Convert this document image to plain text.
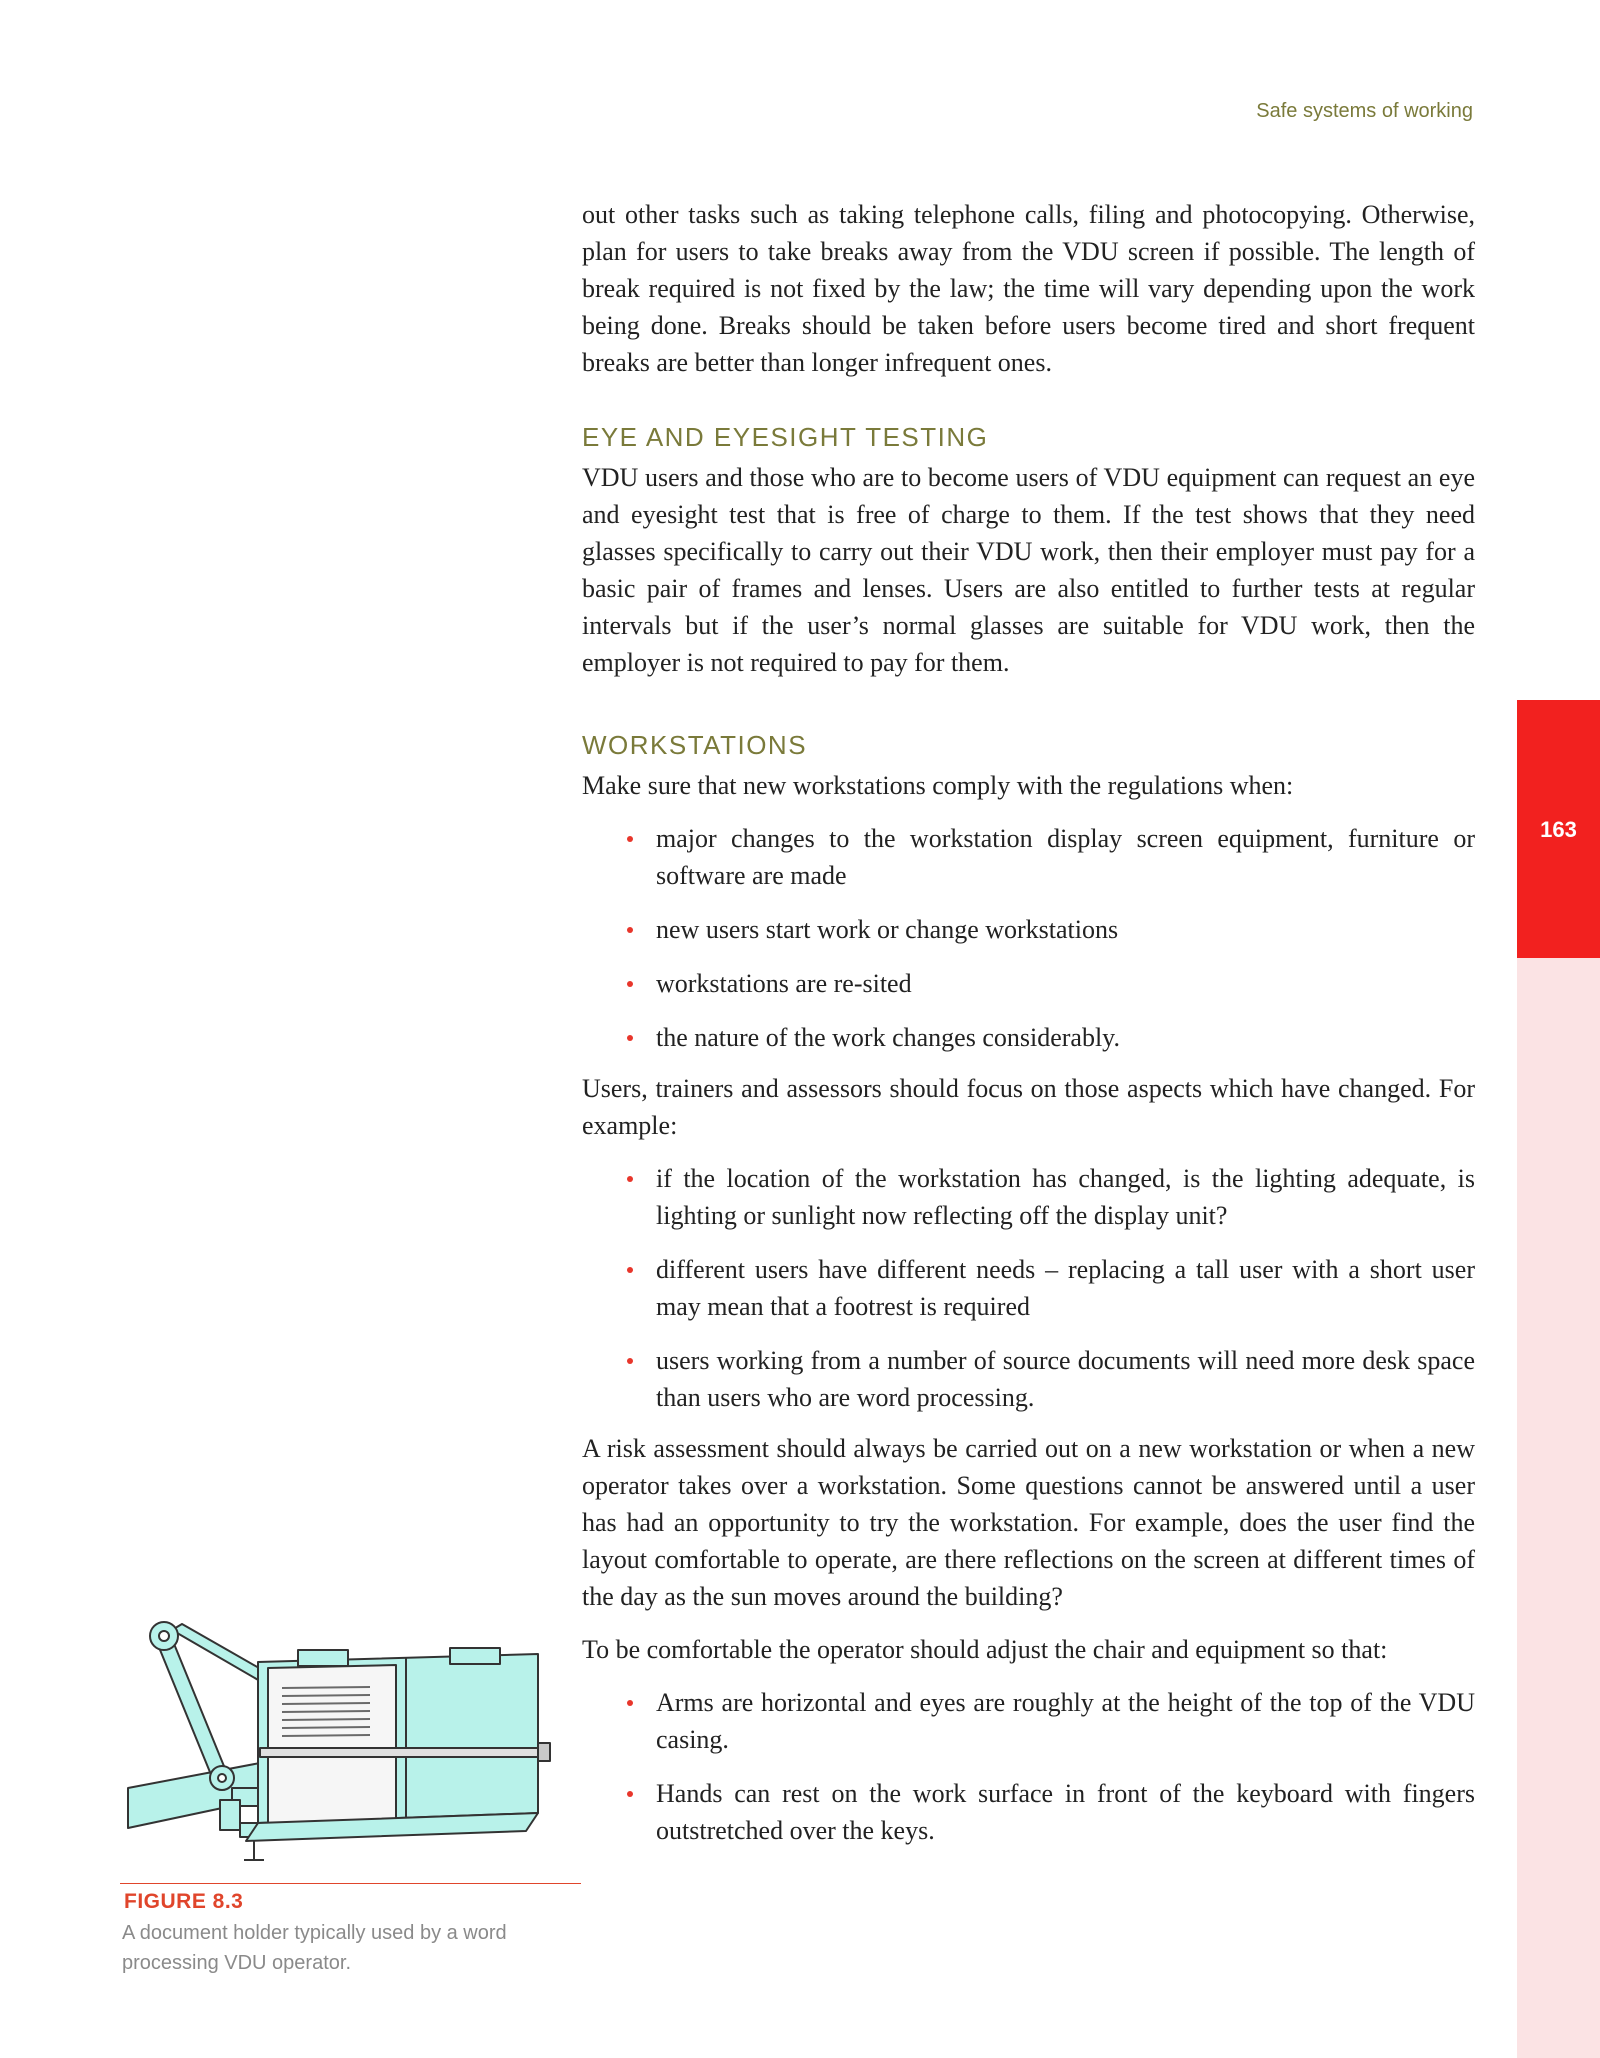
Safe systems of working
163

out other tasks such as taking telephone calls, filing and photocopying. Otherwise, plan for users to take breaks away from the VDU screen if possible. The length of break required is not fixed by the law; the time will vary depending upon the work being done. Breaks should be taken before users become tired and short frequent breaks are better than longer infrequent ones.

EYE AND EYESIGHT TESTING

VDU users and those who are to become users of VDU equipment can request an eye and eyesight test that is free of charge to them. If the test shows that they need glasses specifically to carry out their VDU work, then their employer must pay for a basic pair of frames and lenses. Users are also entitled to further tests at regular intervals but if the user’s normal glasses are suitable for VDU work, then the employer is not required to pay for them.

WORKSTATIONS

Make sure that new workstations comply with the regulations when:

major changes to the workstation display screen equipment, furniture or software are made
new users start work or change workstations
workstations are re-sited
the nature of the work changes considerably.

Users, trainers and assessors should focus on those aspects which have changed. For example:

if the location of the workstation has changed, is the lighting adequate, is lighting or sunlight now reflecting off the display unit?
different users have different needs – replacing a tall user with a short user may mean that a footrest is required
users working from a number of source documents will need more desk space than users who are word processing.

A risk assessment should always be carried out on a new workstation or when a new operator takes over a workstation. Some questions cannot be answered until a user has had an opportunity to try the workstation. For example, does the user find the layout comfortable to operate, are there reflections on the screen at different times of the day as the sun moves around the building?

To be comfortable the operator should adjust the chair and equipment so that:

Arms are horizontal and eyes are roughly at the height of the top of the VDU casing.
Hands can rest on the work surface in front of the keyboard with fingers outstretched over the keys.
FIGURE 8.3
A document holder typically used by a word processing VDU operator.
